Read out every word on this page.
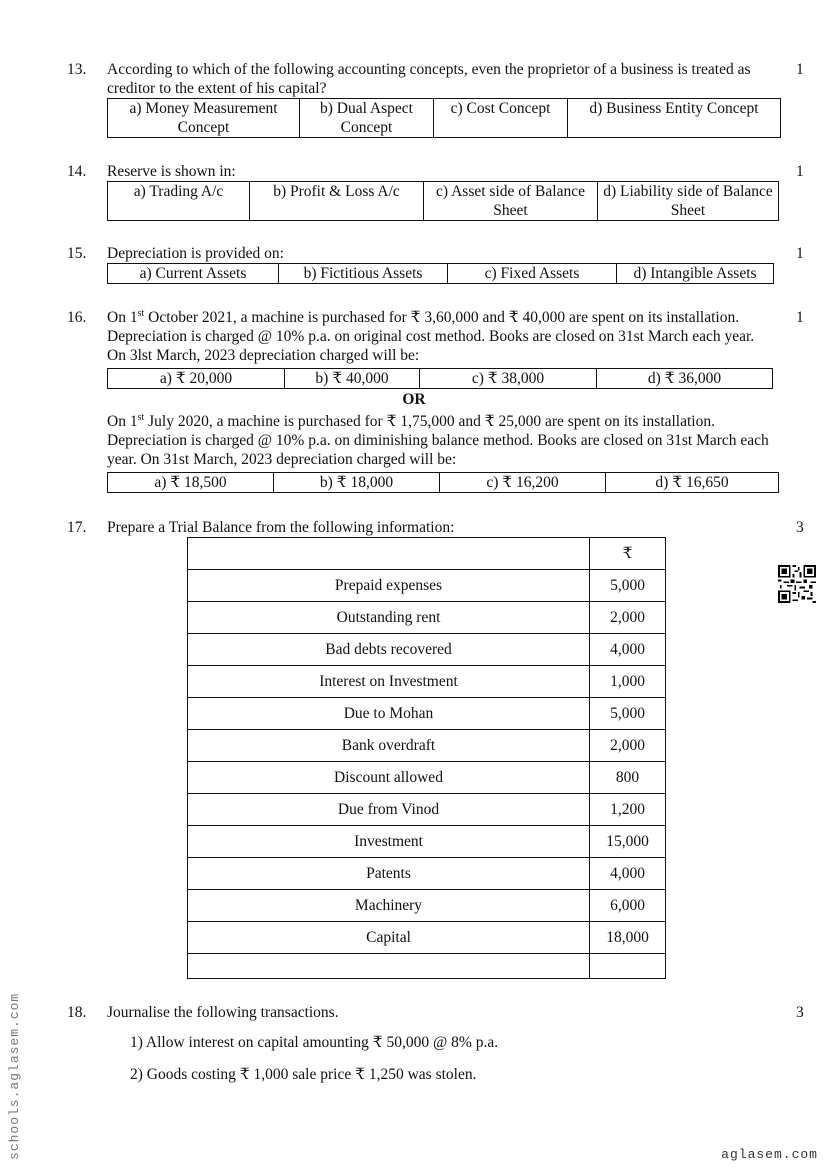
13. According to which of the following accounting concepts, even the proprietor of a business is treated as creditor to the extent of his capital?
1
a) Money Measurement Concept	b) Dual Aspect Concept	c) Cost Concept	d) Business Entity Concept
14. Reserve is shown in:	1
a) Trading A/c	b) Profit & Loss A/c	c) Asset side of Balance Sheet	d) Liability side of Balance Sheet
15. Depreciation is provided on:	1
a) Current Assets	b) Fictitious Assets	c) Fixed Assets	d) Intangible Assets
16. On 1st October 2021, a machine is purchased for ₹ 3,60,000 and ₹ 40,000 are spent on its installation. Depreciation is charged @ 10% p.a. on original cost method. Books are closed on 31st March each year. On 3lst March, 2023 depreciation charged will be:
1
a) ₹ 20,000	b) ₹ 40,000	c) ₹ 38,000	d) ₹ 36,000
OR
On 1st July 2020, a machine is purchased for ₹ 1,75,000 and ₹ 25,000 are spent on its installation. Depreciation is charged @ 10% p.a. on diminishing balance method. Books are closed on 31st March each year. On 31st March, 2023 depreciation charged will be:
a) ₹ 18,500	b) ₹ 18,000	c) ₹ 16,200	d) ₹ 16,650
17. Prepare a Trial Balance from the following information:	3
	₹
Prepaid expenses	5,000
Outstanding rent	2,000
Bad debts recovered	4,000
Interest on Investment	1,000
Due to Mohan	5,000
Bank overdraft	2,000
Discount allowed	800
Due from Vinod	1,200
Investment	15,000
Patents	4,000
Machinery	6,000
Capital	18,000

18. Journalise the following transactions.	3
1) Allow interest on capital amounting ₹ 50,000 @ 8% p.a.
2) Goods costing ₹ 1,000 sale price ₹ 1,250 was stolen.
schools.aglasem.com	aglasem.com
